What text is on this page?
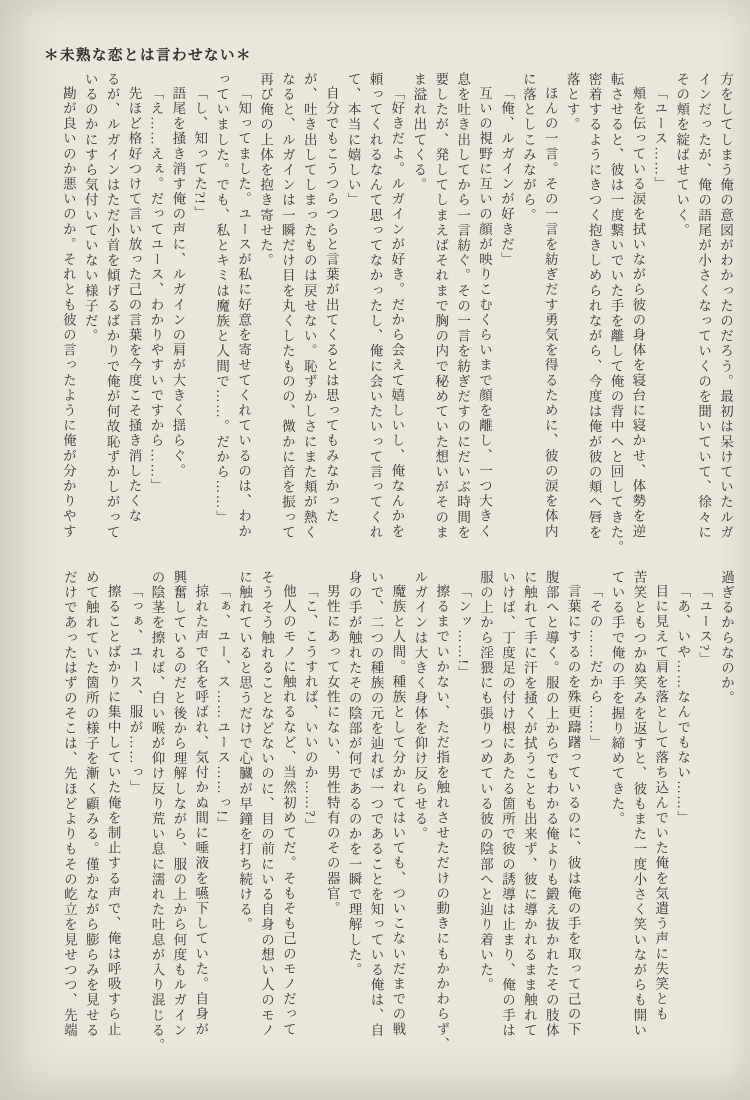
＊未熟な恋とは言わせない＊
方をしてしまう俺の意図がわかったのだろう。最初は呆けていたルガ
インだったが、俺の語尾が小さくなっていくのを聞いていて、徐々に
その頬を綻ばせていく。
「ユース……」
頬を伝っている涙を拭いながら彼の身体を寝台に寝かせ、体勢を逆
転させると、彼は一度繋いでいた手を離して俺の背中へと回してきた。
密着するようにきつく抱きしめられながら、今度は俺が彼の頬へ唇を
落とす。
ほんの一言。その一言を紡ぎだす勇気を得るために、彼の涙を体内
に落としこみながら。
「俺、ルガインが好きだ」
互いの視野に互いの顔が映りこむくらいまで顔を離し、一つ大きく
息を吐き出してから一言紡ぐ。その一言を紡ぎだすのにだいぶ時間を
要したが、発してしまえばそれまで胸の内で秘めていた想いがそのま
ま溢れ出てくる。
「好きだよ。ルガインが好き。だから会えて嬉しいし、俺なんかを
頼ってくれるなんて思ってなかったし、俺に会いたいって言ってくれ
て、本当に嬉しい」
自分でもこうつらつらと言葉が出てくるとは思ってもみなかった
が、吐き出してしまったものは戻せない。恥ずかしさにまた頬が熱く
なると、ルガインは一瞬だけ目を丸くしたものの、微かに首を振って
再び俺の上体を抱き寄せた。
「知ってました。ユースが私に好意を寄せてくれているのは、わか
っていました。でも、私とキミは魔族と人間で……。だから……」
「し、知ってた?!」
語尾を掻き消す俺の声に、ルガインの肩が大きく揺らぐ。
「え……えぇ。だってユース、わかりやすいですから……」
先ほど格好つけて言い放った己の言葉を今度こそ掻き消したくな
るが、ルガインはただ小首を傾げるばかりで俺が何故恥ずかしがって
いるのかにすら気付いていない様子だ。
勘が良いのか悪いのか。それとも彼の言ったように俺が分かりやす
過ぎるからなのか。
「ユース?」
「あ、いや……なんでもない……」
目に見えて肩を落として落ち込んでいた俺を気遣う声に失笑とも
苦笑ともつかぬ笑みを返すと、彼もまた一度小さく笑いながらも開い
ている手で俺の手を握り締めてきた。
「その……だから……」
言葉にするのを殊更躊躇っているのに、彼は俺の手を取って己の下
腹部へと導く。服の上からでもわかる俺よりも鍛え抜かれたその肢体
に触れて手に汗を掻くが拭うことも出来ず、彼に導かれるまま触れて
いけば、丁度足の付け根にあたる箇所で彼の誘導は止まり、俺の手は
服の上から淫猥にも張りつめている彼の陰部へと辿り着いた。
「ンッ……!」
擦るまでいかない、ただ指を触れさせただけの動きにもかかわらず、
ルガインは大きく身体を仰け反らせる。
魔族と人間。種族として分かれてはいても、ついこないだまでの戦
いで、二つの種族の元を辿れば一つであることを知っている俺は、自
身の手が触れたその陰部が何であるのかを一瞬で理解した。
男性にあって女性にない、男性特有のその器官。
「こ、こうすれば、いいのか……?」
他人のモノに触れるなど、当然初めてだ。そもそも己のモノだって
そうそう触れることなどないのに、目の前にいる自身の想い人のモノ
に触れていると思うだけで心臓が早鐘を打ち続ける。
「ぁ、ユー、ス……ユース……っ!」
掠れた声で名を呼ばれ、気付かぬ間に唾液を嚥下していた。自身が
興奮しているのだと後から理解しながら、服の上から何度もルガイン
の陰茎を擦れば、白い喉が仰け反り荒い息に濡れた吐息が入り混じる。
「っぁ、ユース、服が……っ」
擦ることばかりに集中していた俺を制止する声で、俺は呼吸すら止
めて触れていた箇所の様子を漸く顧みる。僅かながら膨らみを見せる
だけであったはずのそこは、先ほどよりもその屹立を見せつつ、先端
